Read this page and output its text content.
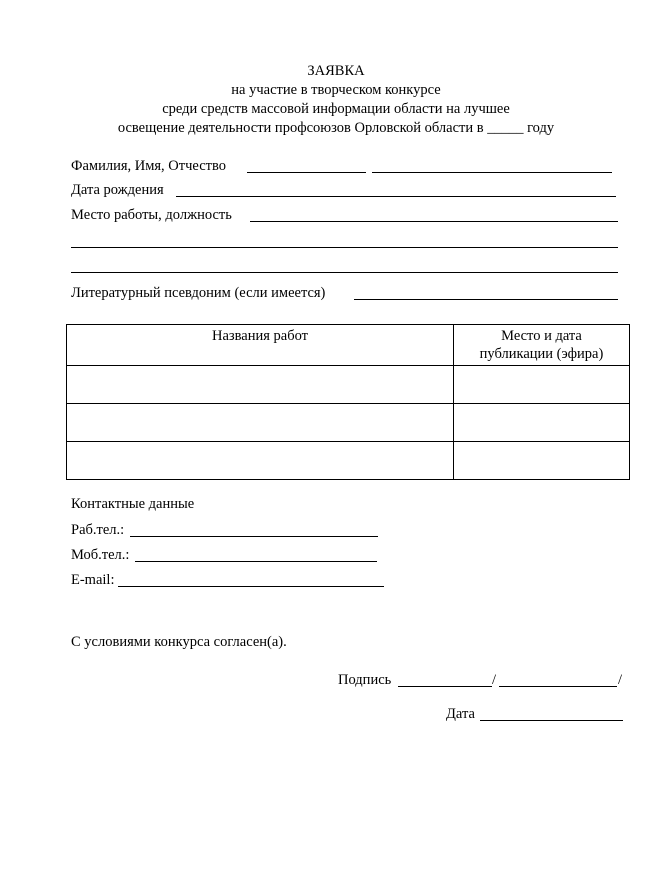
ЗАЯВКА
на участие в творческом конкурсе
среди средств массовой информации области на лучшее
освещение деятельности профсоюзов Орловской области в _____ году
Фамилия, Имя, Отчество
Дата рождения
Место работы, должность
Литературный псевдоним (если имеется)
Названия работ	Место и дата
публикации (эфира)

Контактные данные
Раб.тел.:
Моб.тел.:
E-mail:
С условиями конкурса согласен(а).
Подпись	/	/
Дата
